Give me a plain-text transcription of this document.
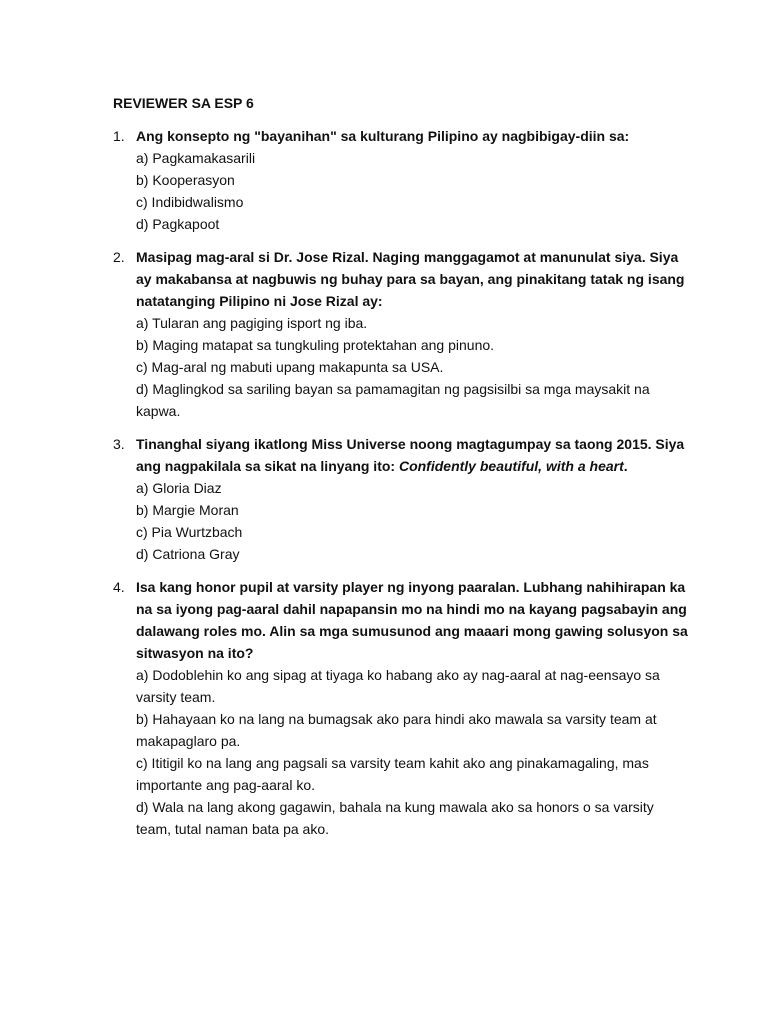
REVIEWER SA ESP 6
1. Ang konsepto ng "bayanihan" sa kulturang Pilipino ay nagbibigay-diin sa:
a) Pagkamakasarili
b) Kooperasyon
c) Indibidwalismo
d) Pagkapoot
2. Masipag mag-aral si Dr. Jose Rizal. Naging manggagamot at manunulat siya. Siya ay makabansa at nagbuwis ng buhay para sa bayan, ang pinakitang tatak ng isang natatanging Pilipino ni Jose Rizal ay:
a) Tularan ang pagiging isport ng iba.
b) Maging matapat sa tungkuling protektahan ang pinuno.
c) Mag-aral ng mabuti upang makapunta sa USA.
d) Maglingkod sa sariling bayan sa pamamagitan ng pagsisilbi sa mga maysakit na kapwa.
3. Tinanghal siyang ikatlong Miss Universe noong magtagumpay sa taong 2015. Siya ang nagpakilala sa sikat na linyang ito: Confidently beautiful, with a heart.
a) Gloria Diaz
b) Margie Moran
c) Pia Wurtzbach
d) Catriona Gray
4. Isa kang honor pupil at varsity player ng inyong paaralan. Lubhang nahihirapan ka na sa iyong pag-aaral dahil napapansin mo na hindi mo na kayang pagsabayin ang dalawang roles mo. Alin sa mga sumusunod ang maaari mong gawing solusyon sa sitwasyon na ito?
a) Dodoblehin ko ang sipag at tiyaga ko habang ako ay nag-aaral at nag-eensayo sa varsity team.
b) Hahayaan ko na lang na bumagsak ako para hindi ako mawala sa varsity team at makapaglaro pa.
c) Ititigil ko na lang ang pagsali sa varsity team kahit ako ang pinakamagaling, mas importante ang pag-aaral ko.
d) Wala na lang akong gagawin, bahala na kung mawala ako sa honors o sa varsity team, tutal naman bata pa ako.
